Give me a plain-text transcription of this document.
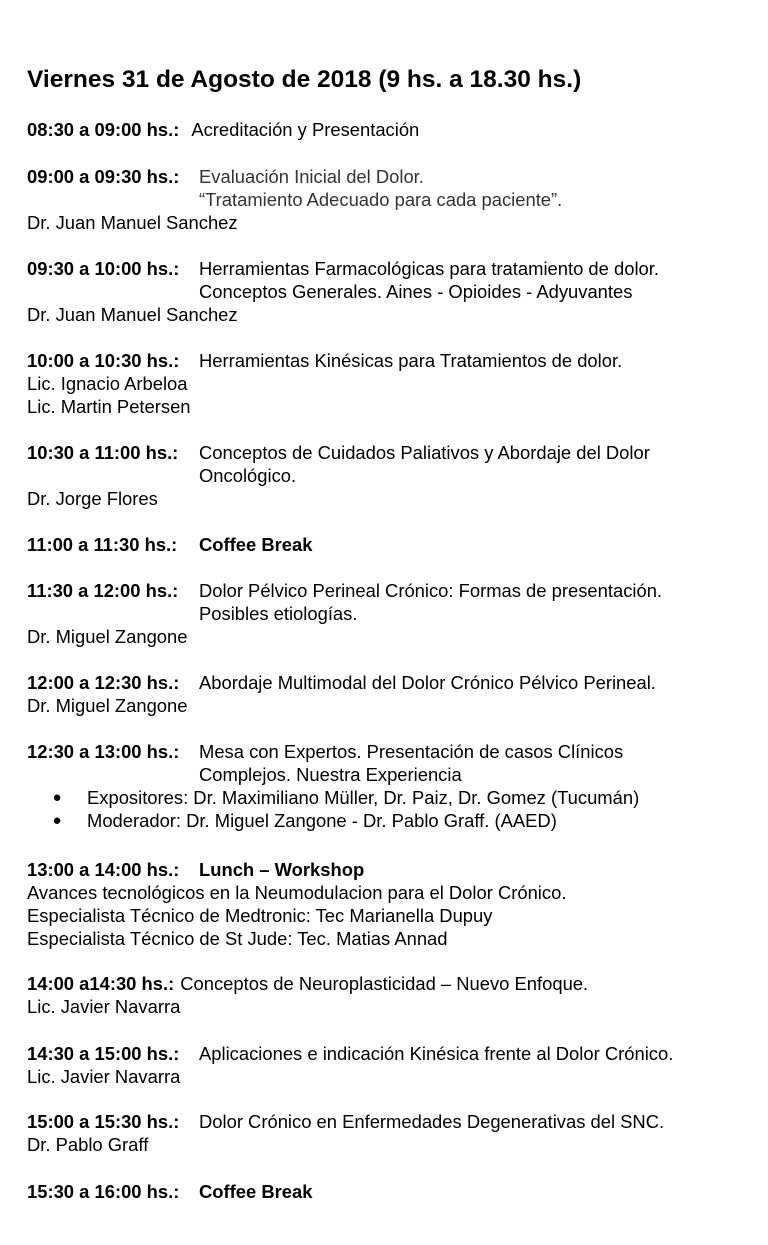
Viernes 31 de Agosto de 2018 (9 hs. a 18.30 hs.)
08:30 a 09:00 hs.: Acreditación y Presentación
09:00 a 09:30 hs.:	Evaluación Inicial del Dolor.
“Tratamiento Adecuado para cada paciente”.
Dr. Juan Manuel Sanchez
09:30 a 10:00 hs.:	Herramientas Farmacológicas para tratamiento de dolor.
Conceptos Generales. Aines - Opioides - Adyuvantes
Dr. Juan Manuel Sanchez
10:00 a 10:30 hs.:	Herramientas Kinésicas para Tratamientos de dolor.
Lic. Ignacio Arbeloa
Lic. Martin Petersen
10:30 a 11:00 hs.:	Conceptos de Cuidados Paliativos y Abordaje del Dolor
Oncológico.
Dr. Jorge Flores
11:00 a 11:30 hs.:	Coffee Break
11:30 a 12:00 hs.:	Dolor Pélvico Perineal Crónico: Formas de presentación.
Posibles etiologías.
Dr. Miguel Zangone
12:00 a 12:30 hs.:	Abordaje Multimodal del Dolor Crónico Pélvico Perineal.
Dr. Miguel Zangone
12:30 a 13:00 hs.:	Mesa con Expertos. Presentación de casos Clínicos
Complejos. Nuestra Experiencia
●	Expositores: Dr. Maximiliano Müller, Dr. Paiz, Dr. Gomez (Tucumán)
●	Moderador: Dr. Miguel Zangone - Dr. Pablo Graff. (AAED)
13:00 a 14:00 hs.:	Lunch – Workshop
Avances tecnológicos en la Neumodulacion para el Dolor Crónico.
Especialista Técnico de Medtronic: Tec Marianella Dupuy
Especialista Técnico de St Jude: Tec. Matias Annad
14:00 a14:30 hs.: Conceptos de Neuroplasticidad – Nuevo Enfoque.
Lic. Javier Navarra
14:30 a 15:00 hs.:	Aplicaciones e indicación Kinésica frente al Dolor Crónico.
Lic. Javier Navarra
15:00 a 15:30 hs.:	Dolor Crónico en Enfermedades Degenerativas del SNC.
Dr. Pablo Graff
15:30 a 16:00 hs.:	Coffee Break
